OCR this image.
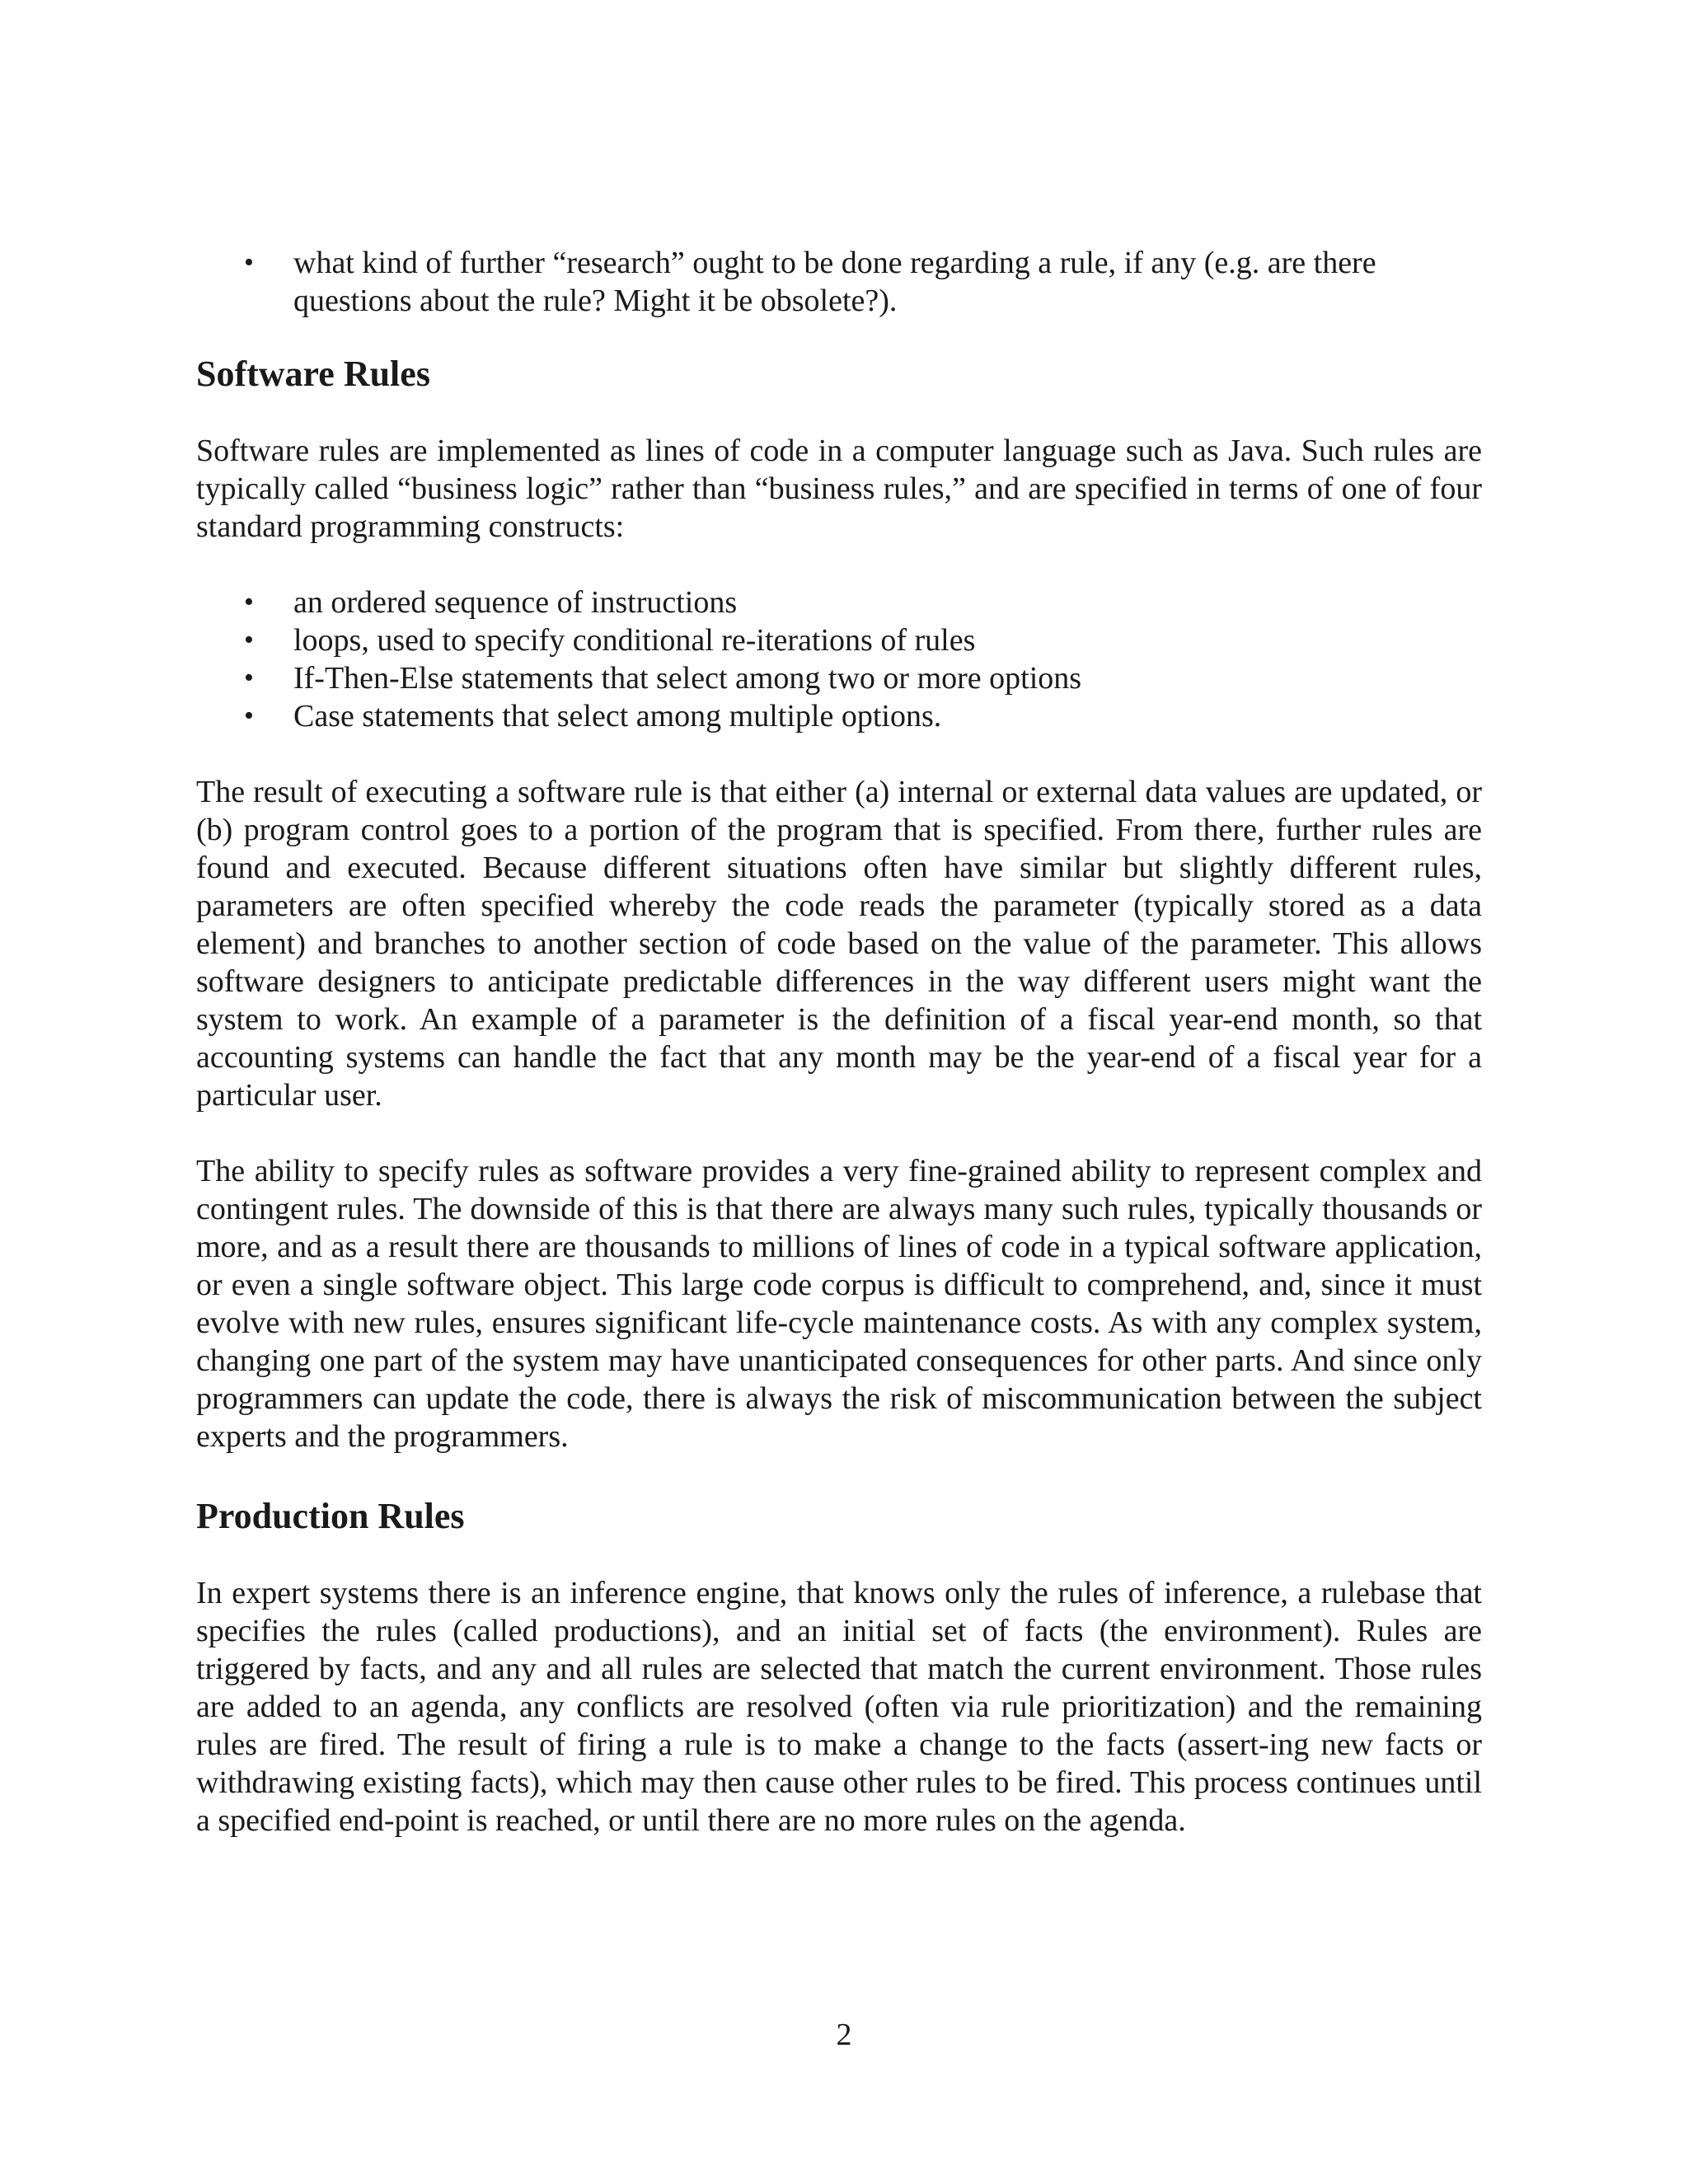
• what kind of further “research” ought to be done regarding a rule, if any (e.g. are there questions about the rule? Might it be obsolete?).
Software Rules

Software rules are implemented as lines of code in a computer language such as Java. Such rules are typically called “business logic” rather than “business rules,” and are specified in terms of one of four standard programming constructs:

• an ordered sequence of instructions
• loops, used to specify conditional re-iterations of rules
• If-Then-Else statements that select among two or more options
• Case statements that select among multiple options.

The result of executing a software rule is that either (a) internal or external data values are updated, or (b) program control goes to a portion of the program that is specified. From there, further rules are found and executed. Because different situations often have similar but slightly different rules, parameters are often specified whereby the code reads the parameter (typically stored as a data element) and branches to another section of code based on the value of the parameter. This allows software designers to anticipate predictable differences in the way different users might want the system to work. An example of a parameter is the definition of a fiscal year-end month, so that accounting systems can handle the fact that any month may be the year-end of a fiscal year for a particular user.

The ability to specify rules as software provides a very fine-grained ability to represent complex and contingent rules. The downside of this is that there are always many such rules, typically thousands or more, and as a result there are thousands to millions of lines of code in a typical software application, or even a single software object. This large code corpus is difficult to comprehend, and, since it must evolve with new rules, ensures significant life-cycle maintenance costs. As with any complex system, changing one part of the system may have unanticipated consequences for other parts. And since only programmers can update the code, there is always the risk of miscommunication between the subject experts and the programmers.

Production Rules

In expert systems there is an inference engine, that knows only the rules of inference, a rulebase that specifies the rules (called productions), and an initial set of facts (the environment). Rules are triggered by facts, and any and all rules are selected that match the current environment. Those rules are added to an agenda, any conflicts are resolved (often via rule prioritization) and the remaining rules are fired. The result of firing a rule is to make a change to the facts (assert-ing new facts or withdrawing existing facts), which may then cause other rules to be fired. This process continues until a specified end-point is reached, or until there are no more rules on the agenda.

2
